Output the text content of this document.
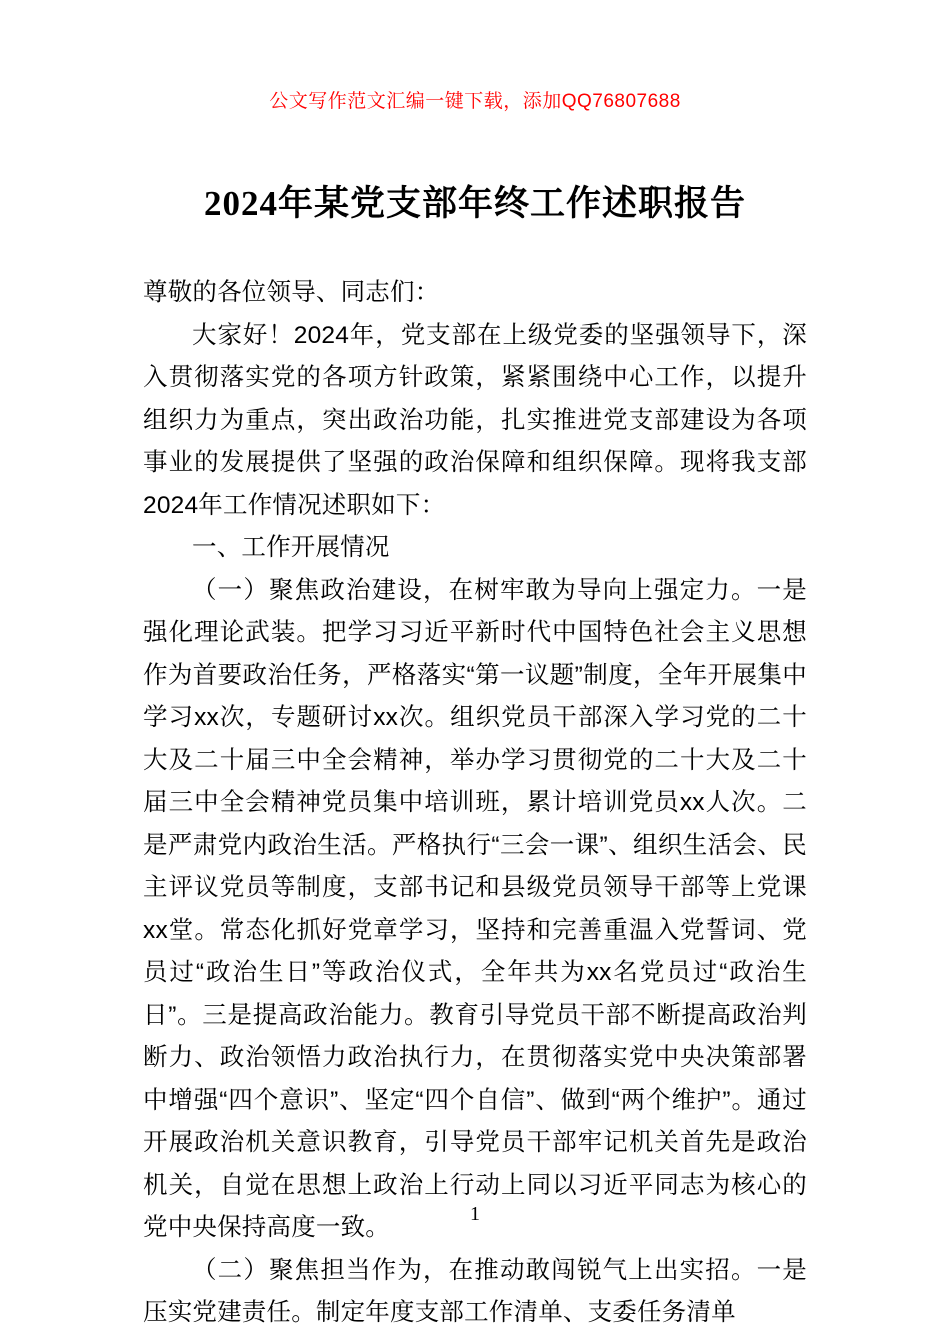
公文写作范文汇编一键下载，添加QQ76807688
2024年某党支部年终工作述职报告

尊敬的各位领导、同志们：

大家好！2024年，党支部在上级党委的坚强领导下，深入贯彻落实党的各项方针政策，紧紧围绕中心工作，以提升组织力为重点，突出政治功能，扎实推进党支部建设为各项事业的发展提供了坚强的政治保障和组织保障。现将我支部2024年工作情况述职如下：

一、工作开展情况

（一）聚焦政治建设，在树牢敢为导向上强定力。一是强化理论武装。把学习习近平新时代中国特色社会主义思想作为首要政治任务，严格落实“第一议题”制度，全年开展集中学习xx次，专题研讨xx次。组织党员干部深入学习党的二十大及二十届三中全会精神，举办学习贯彻党的二十大及二十届三中全会精神党员集中培训班，累计培训党员xx人次。二是严肃党内政治生活。严格执行“三会一课”、组织生活会、民主评议党员等制度，支部书记和县级党员领导干部等上党课xx堂。常态化抓好党章学习，坚持和完善重温入党誓词、党员过“政治生日”等政治仪式，全年共为xx名党员过“政治生日”。三是提高政治能力。教育引导党员干部不断提高政治判断力、政治领悟力政治执行力，在贯彻落实党中央决策部署中增强“四个意识”、坚定“四个自信”、做到“两个维护”。通过开展政治机关意识教育，引导党员干部牢记机关首先是政治机关，自觉在思想上政治上行动上同以习近平同志为核心的党中央保持高度一致。

（二）聚焦担当作为，在推动敢闯锐气上出实招。一是压实党建责任。制定年度支部工作清单、支委任务清单

1
